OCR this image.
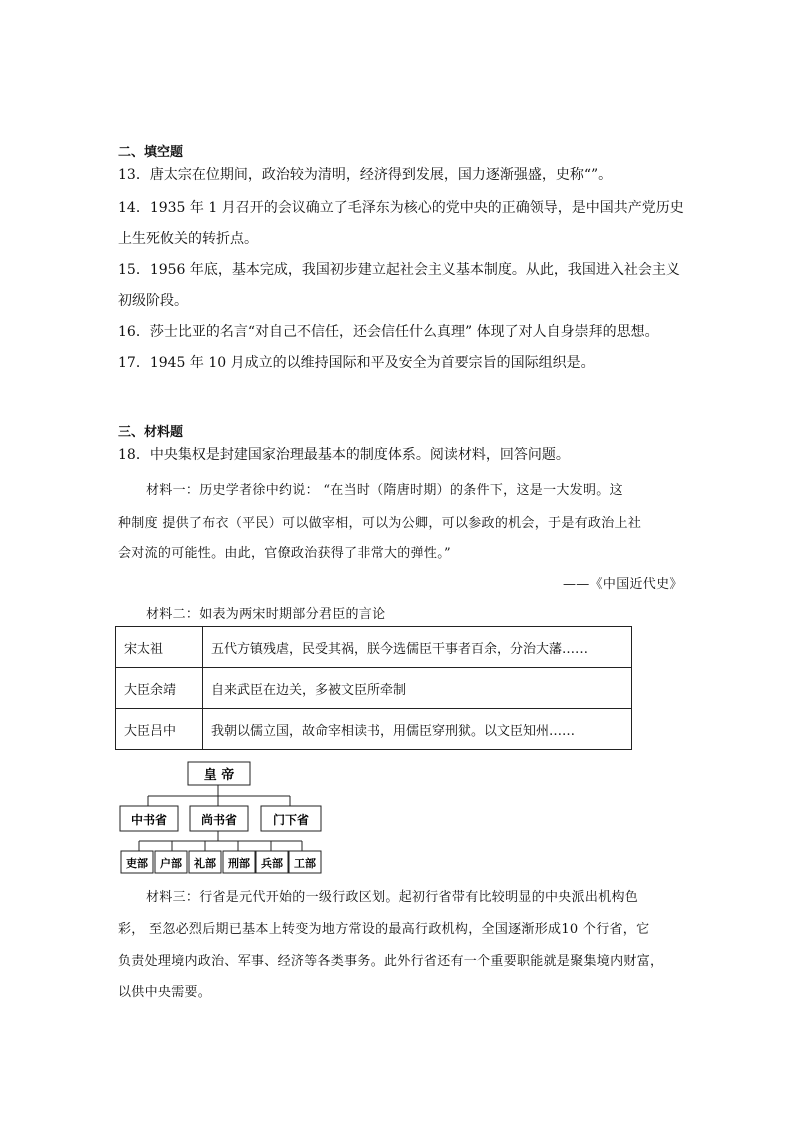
二、填空题
13．唐太宗在位期间，政治较为清明，经济得到发展，国力逐渐强盛，史称“”。
14．1935 年 1 月召开的会议确立了毛泽东为核心的党中央的正确领导，是中国共产党历史
上生死攸关的转折点。
15．1956 年底，基本完成，我国初步建立起社会主义基本制度。从此，我国进入社会主义
初级阶段。
16．莎士比亚的名言“对自己不信任，还会信任什么真理” 体现了对人自身崇拜的思想。
17．1945 年 10 月成立的以维持国际和平及安全为首要宗旨的国际组织是。
三、材料题
18．中央集权是封建国家治理最基本的制度体系。阅读材料，回答问题。
材料一：历史学者徐中约说： “在当时（隋唐时期）的条件下，这是一大发明。这
种制度 提供了布衣（平民）可以做宰相，可以为公卿，可以参政的机会，于是有政治上社
会对流的可能性。由此，官僚政治获得了非常大的弹性。”
——《中国近代史》
材料二：如表为两宋时期部分君臣的言论
宋太祖	五代方镇残虐，民受其祸，朕今选儒臣干事者百余，分治大藩……
大臣余靖	自来武臣在边关，多被文臣所牵制
大臣吕中	我朝以儒立国，故命宰相读书，用儒臣穿刑狱。以文臣知州……
皇 帝
中书省	尚书省	门下省
吏部 户部 礼部 刑部 兵部 工部
材料三：行省是元代开始的一级行政区划。起初行省带有比较明显的中央派出机构色
彩， 至忽必烈后期已基本上转变为地方常设的最高行政机构，全国逐渐形成10 个行省，它
负责处理境内政治、军事、经济等各类事务。此外行省还有一个重要职能就是聚集境内财富，
以供中央需要。
